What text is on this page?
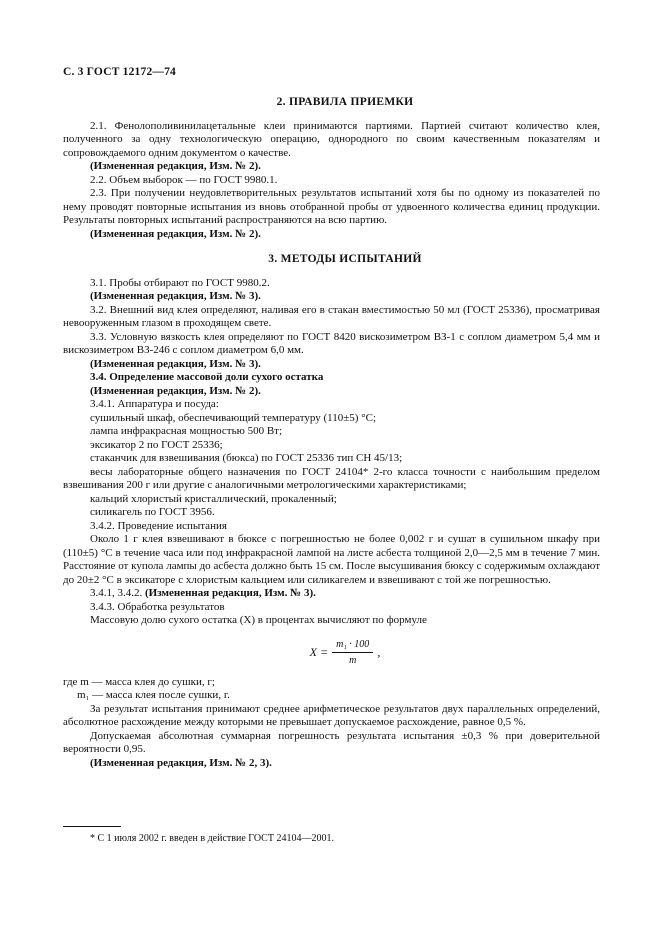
С. 3 ГОСТ 12172—74
2. ПРАВИЛА ПРИЕМКИ

2.1. Фенолополивинилацетальные клеи принимаются партиями. Партией считают количество клея, полученного за одну технологическую операцию, однородного по своим качественным показателям и сопровождаемого одним документом о качестве.

(Измененная редакция, Изм. № 2).

2.2. Объем выборок — по ГОСТ 9980.1.

2.3. При получении неудовлетворительных результатов испытаний хотя бы по одному из показателей по нему проводят повторные испытания из вновь отобранной пробы от удвоенного количества единиц продукции. Результаты повторных испытаний распространяются на всю партию.

(Измененная редакция, Изм. № 2).

3. МЕТОДЫ ИСПЫТАНИЙ

3.1. Пробы отбирают по ГОСТ 9980.2.

(Измененная редакция, Изм. № 3).

3.2. Внешний вид клея определяют, наливая его в стакан вместимостью 50 мл (ГОСТ 25336), просматривая невооруженным глазом в проходящем свете.

3.3. Условную вязкость клея определяют по ГОСТ 8420 вискозиметром ВЗ-1 с соплом диаметром 5,4 мм и вискозиметром ВЗ-246 с соплом диаметром 6,0 мм.

(Измененная редакция, Изм. № 3).

3.4. Определение массовой доли сухого остатка

(Измененная редакция, Изм. № 2).

3.4.1. Аппаратура и посуда:

сушильный шкаф, обеспечивающий температуру (110±5) °С;

лампа инфракрасная мощностью 500 Вт;

эксикатор 2 по ГОСТ 25336;

стаканчик для взвешивания (бюкса) по ГОСТ 25336 тип СН 45/13;

весы лабораторные общего назначения по ГОСТ 24104* 2-го класса точности с наибольшим пределом взвешивания 200 г или другие с аналогичными метрологическими характеристиками;

кальций хлористый кристаллический, прокаленный;

силикагель по ГОСТ 3956.

3.4.2. Проведение испытания

Около 1 г клея взвешивают в бюксе с погрешностью не более 0,002 г и сушат в сушильном шкафу при (110±5) °С в течение часа или под инфракрасной лампой на листе асбеста толщиной 2,0—2,5 мм в течение 7 мин. Расстояние от купола лампы до асбеста должно быть 15 см. После высушивания бюксу с содержимым охлаждают до 20±2 °С в эксикаторе с хлористым кальцием или силикагелем и взвешивают с той же погрешностью.

3.4.1, 3.4.2. (Измененная редакция, Изм. № 3).

3.4.3. Обработка результатов

Массовую долю сухого остатка (X) в процентах вычисляют по формуле

$X = \frac{\text{m₁ · 100}}{m}$ ,

где m — масса клея до сушки, г;

m₁ — масса клея после сушки, г.

За результат испытания принимают среднее арифметическое результатов двух параллельных определений, абсолютное расхождение между которыми не превышает допускаемое расхождение, равное 0,5 %.

Допускаемая абсолютная суммарная погрешность результата испытания ±0,3 % при доверительной вероятности 0,95.

(Измененная редакция, Изм. № 2, 3).

* С 1 июля 2002 г. введен в действие ГОСТ 24104—2001.
